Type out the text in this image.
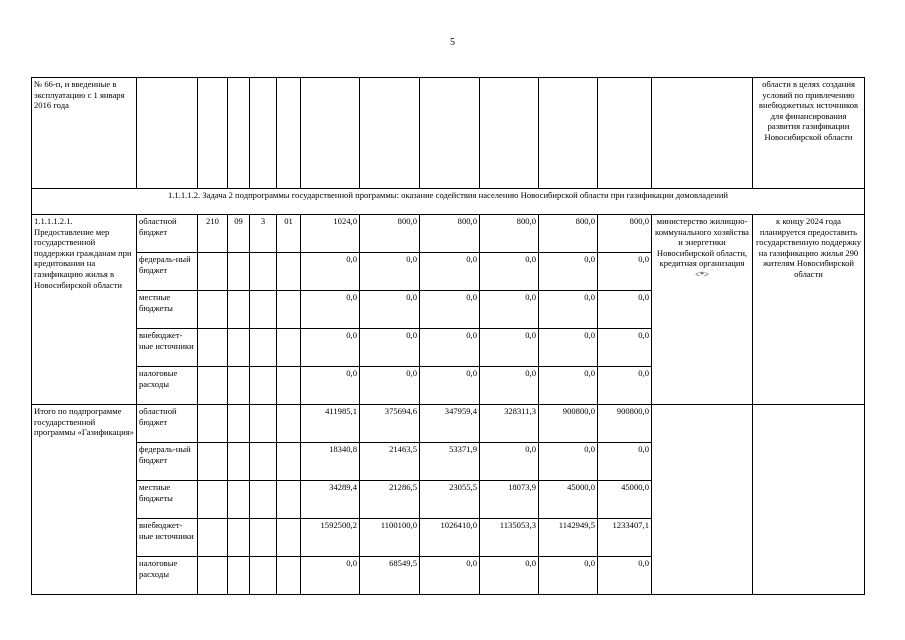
5
№ 66-п, и введенные в эксплуатацию с 1 января 2016 года													области в целях создания условий по привлечению внебюджетных источников для финансирования развития газификации Новосибирской области
1.1.1.1.2. Задача 2 подпрограммы государственной программы: оказание содействия населению Новосибирской области при газификации домовладений													
1.1.1.1.2.1. Предоставление мер государственной поддержки гражданам при кредитовании на газификацию жилья в Новосибирской области	областной бюджет	210	09	3	01	1024,0	800,0	800,0	800,0	800,0	800,0	министерство жилищно-коммунального хозяйства и энергетики Новосибирской области, кредитная организация <*>	к концу 2024 года планируется предоставить государственную поддержку на газификацию жилья 290 жителям Новосибирской области
	федераль-ный бюджет					0,0	0,0	0,0	0,0	0,0	0,0		
	местные бюджеты					0,0	0,0	0,0	0,0	0,0	0,0		
	внебюджет-ные источники					0,0	0,0	0,0	0,0	0,0	0,0		
	налоговые расходы					0,0	0,0	0,0	0,0	0,0	0,0		
Итого по подпрограмме государственной программы «Газификация»	областной бюджет					411985,1	375694,6	347959,4	328311,3	900800,0	900800,0		
	федераль-ный бюджет					18340,8	21463,5	53371,9	0,0	0,0	0,0		
	местные бюджеты					34289,4	21286,5	23055,5	18073,9	45000,0	45000,0		
	внебюджет-ные источники					1592500,2	1100100,0	1026410,0	1135053,3	1142949,5	1233407,1		
	налоговые расходы					0,0	68549,5	0,0	0,0	0,0	0,0		
